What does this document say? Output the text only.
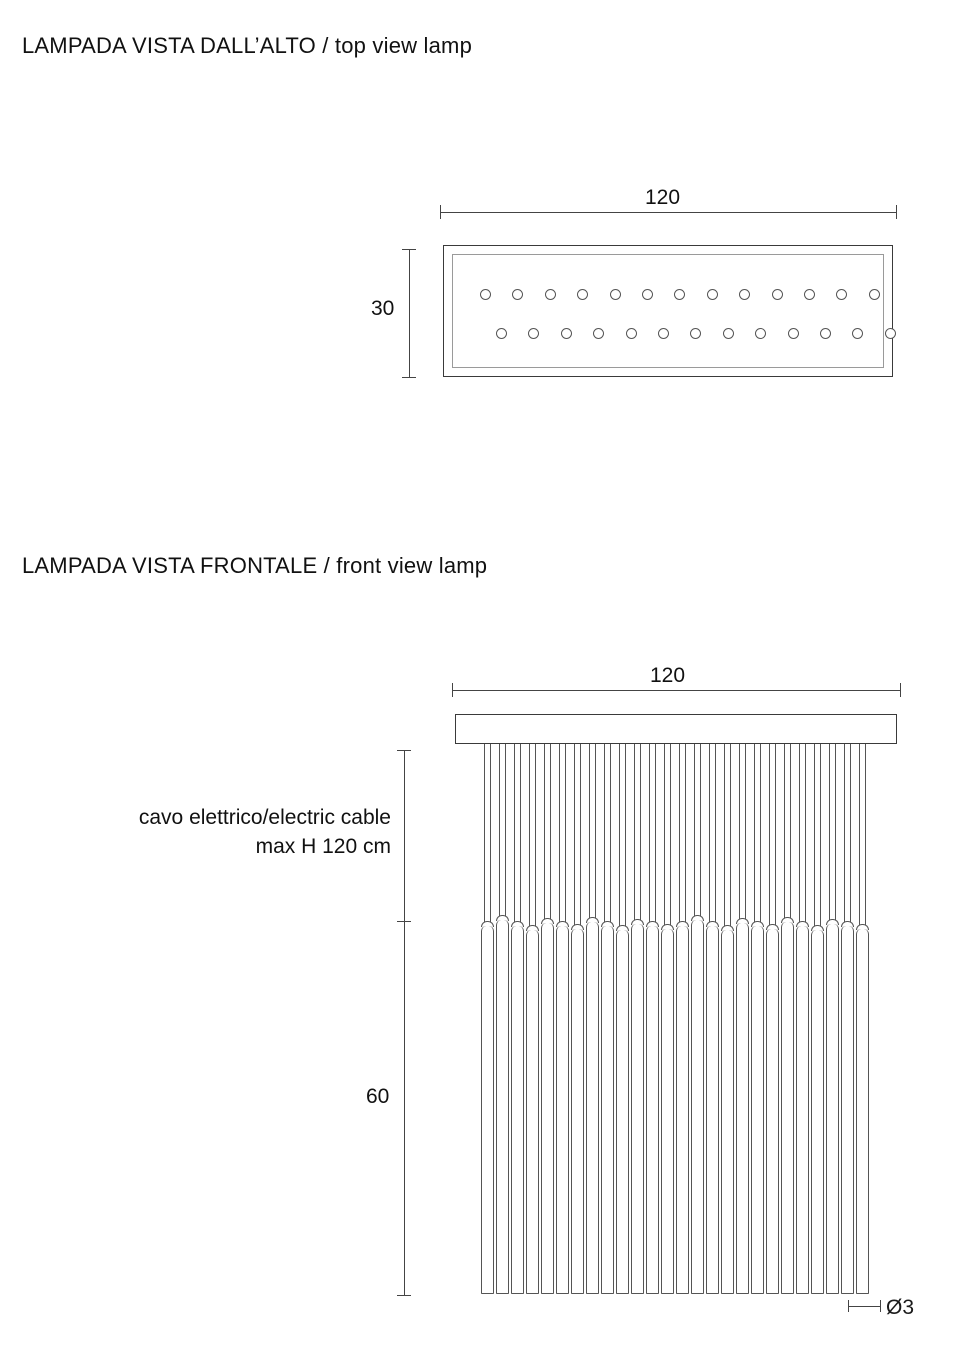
LAMPADA VISTA DALL’ALTO / top view lamp
120
30
LAMPADA VISTA FRONTALE / front view lamp
120
cavo elettrico/electric cable
max H 120 cm
60
Ø3
